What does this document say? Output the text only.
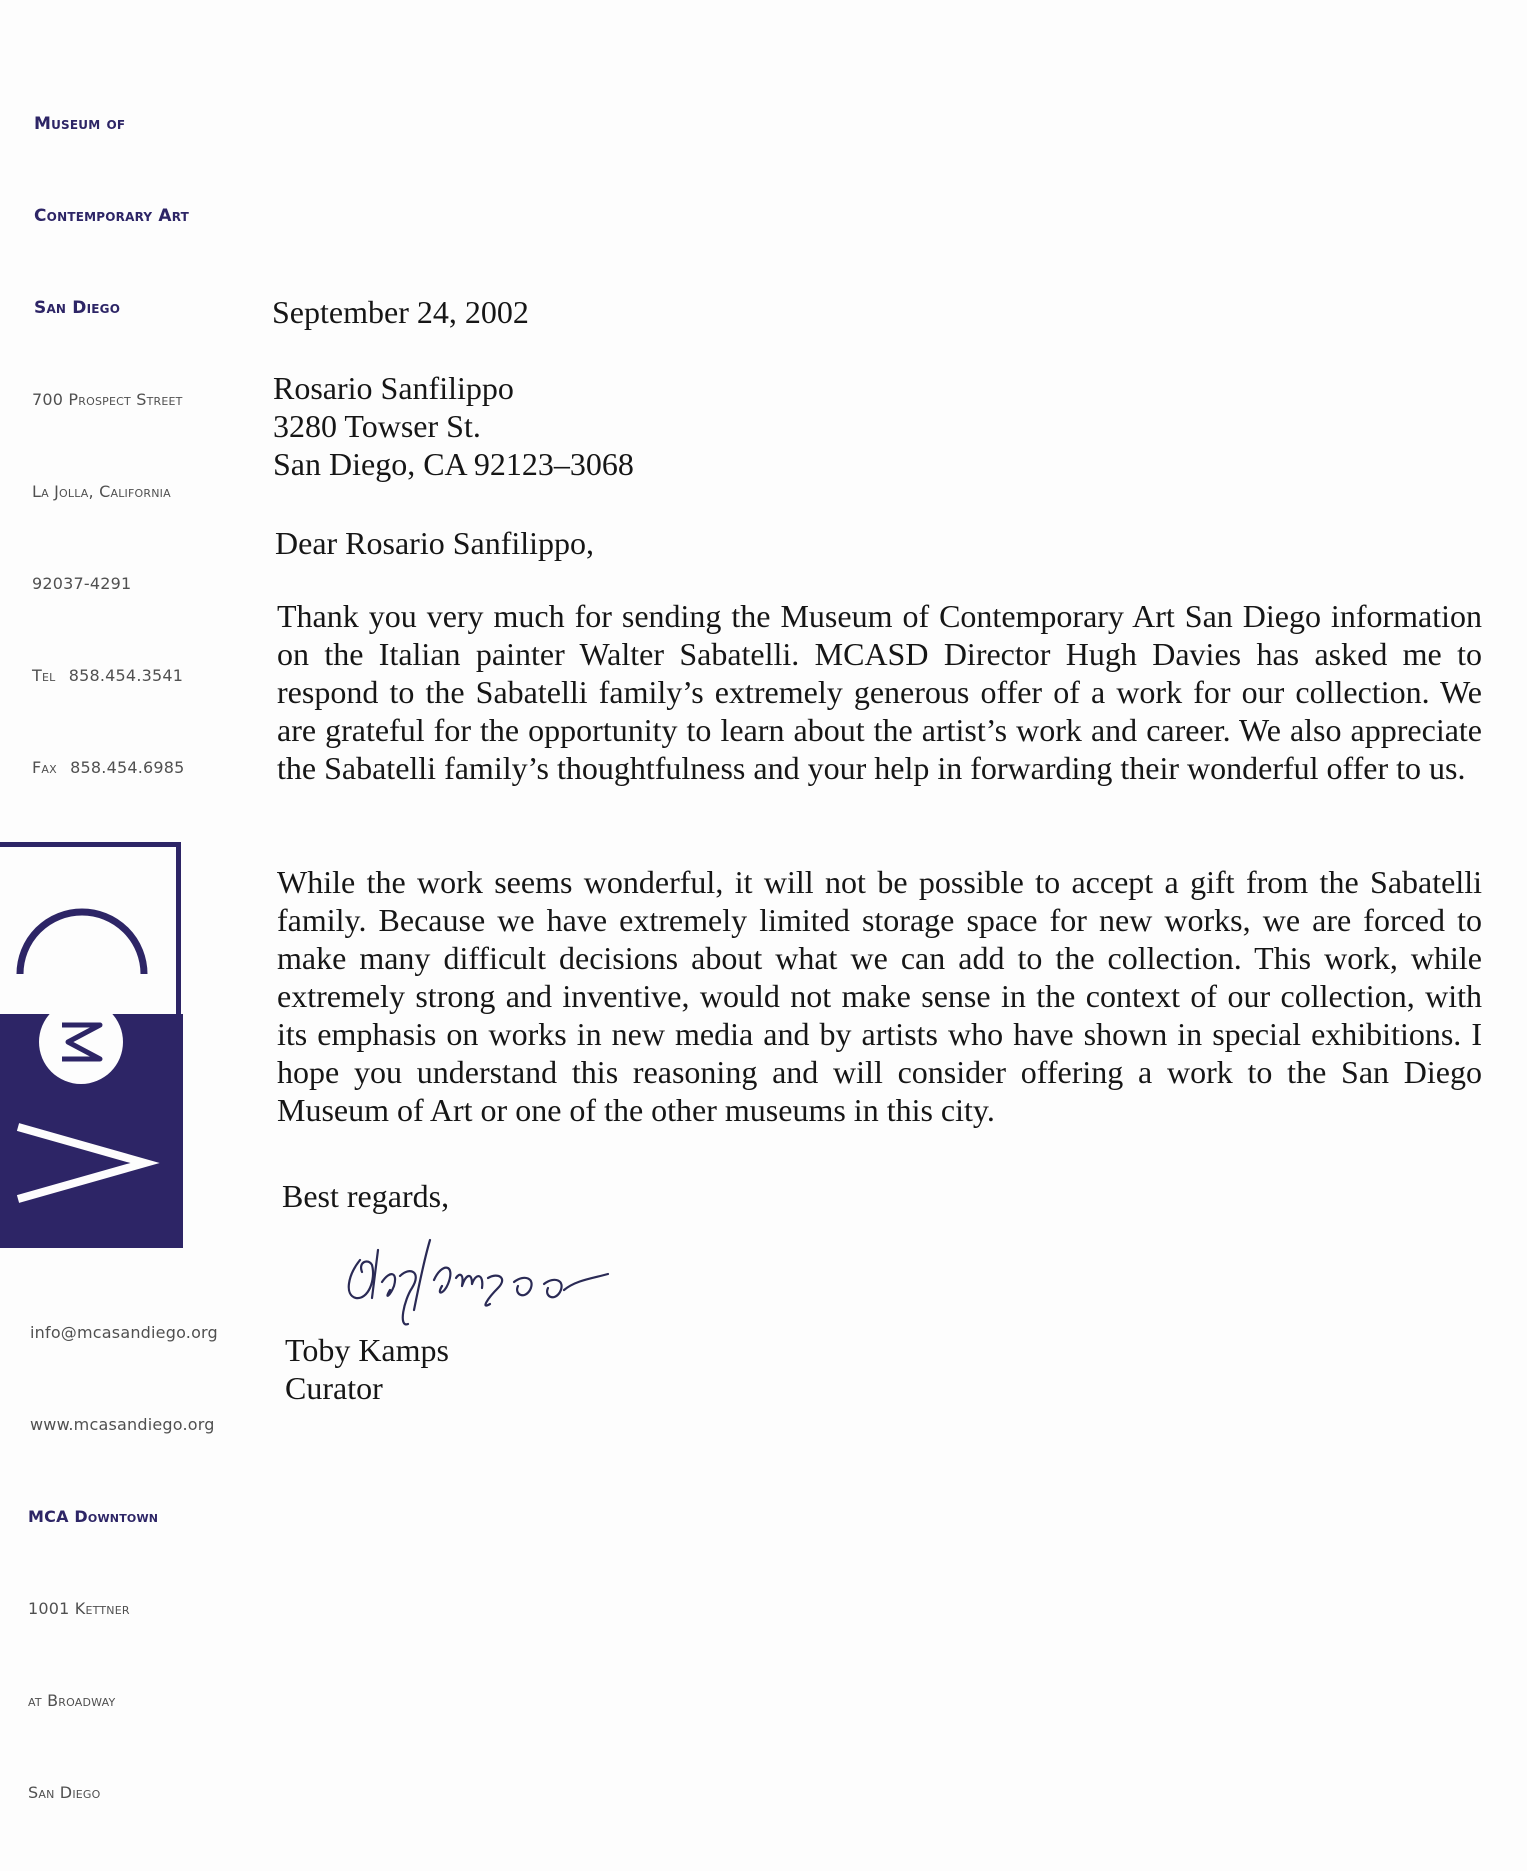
Museum of
Contemporary Art
San Diego
700 Prospect Street
La Jolla, California
92037-4291
Tel 858.454.3541
Fax 858.454.6985
info@mcasandiego.org
www.mcasandiego.org
MCA Downtown
1001 Kettner
at Broadway
San Diego
September 24, 2002
Rosario Sanfilippo
3280 Towser St.
San Diego, CA 92123–3068
Dear Rosario Sanfilippo,
Thank you very much for sending the Museum of Contemporary Art San Diego information on the Italian painter Walter Sabatelli. MCASD Director Hugh Davies has asked me to respond to the Sabatelli family’s extremely generous offer of a work for our collection. We are grateful for the opportunity to learn about the artist’s work and career. We also appreciate the Sabatelli family’s thoughtfulness and your help in forwarding their wonderful offer to us.
While the work seems wonderful, it will not be possible to accept a gift from the Sabatelli family. Because we have extremely limited storage space for new works, we are forced to make many difficult decisions about what we can add to the collection. This work, while extremely strong and inventive, would not make sense in the context of our collection, with its emphasis on works in new media and by artists who have shown in special exhibitions. I hope you understand this reasoning and will consider offering a work to the San Diego Museum of Art or one of the other museums in this city.
Best regards,
Toby Kamps
Curator
